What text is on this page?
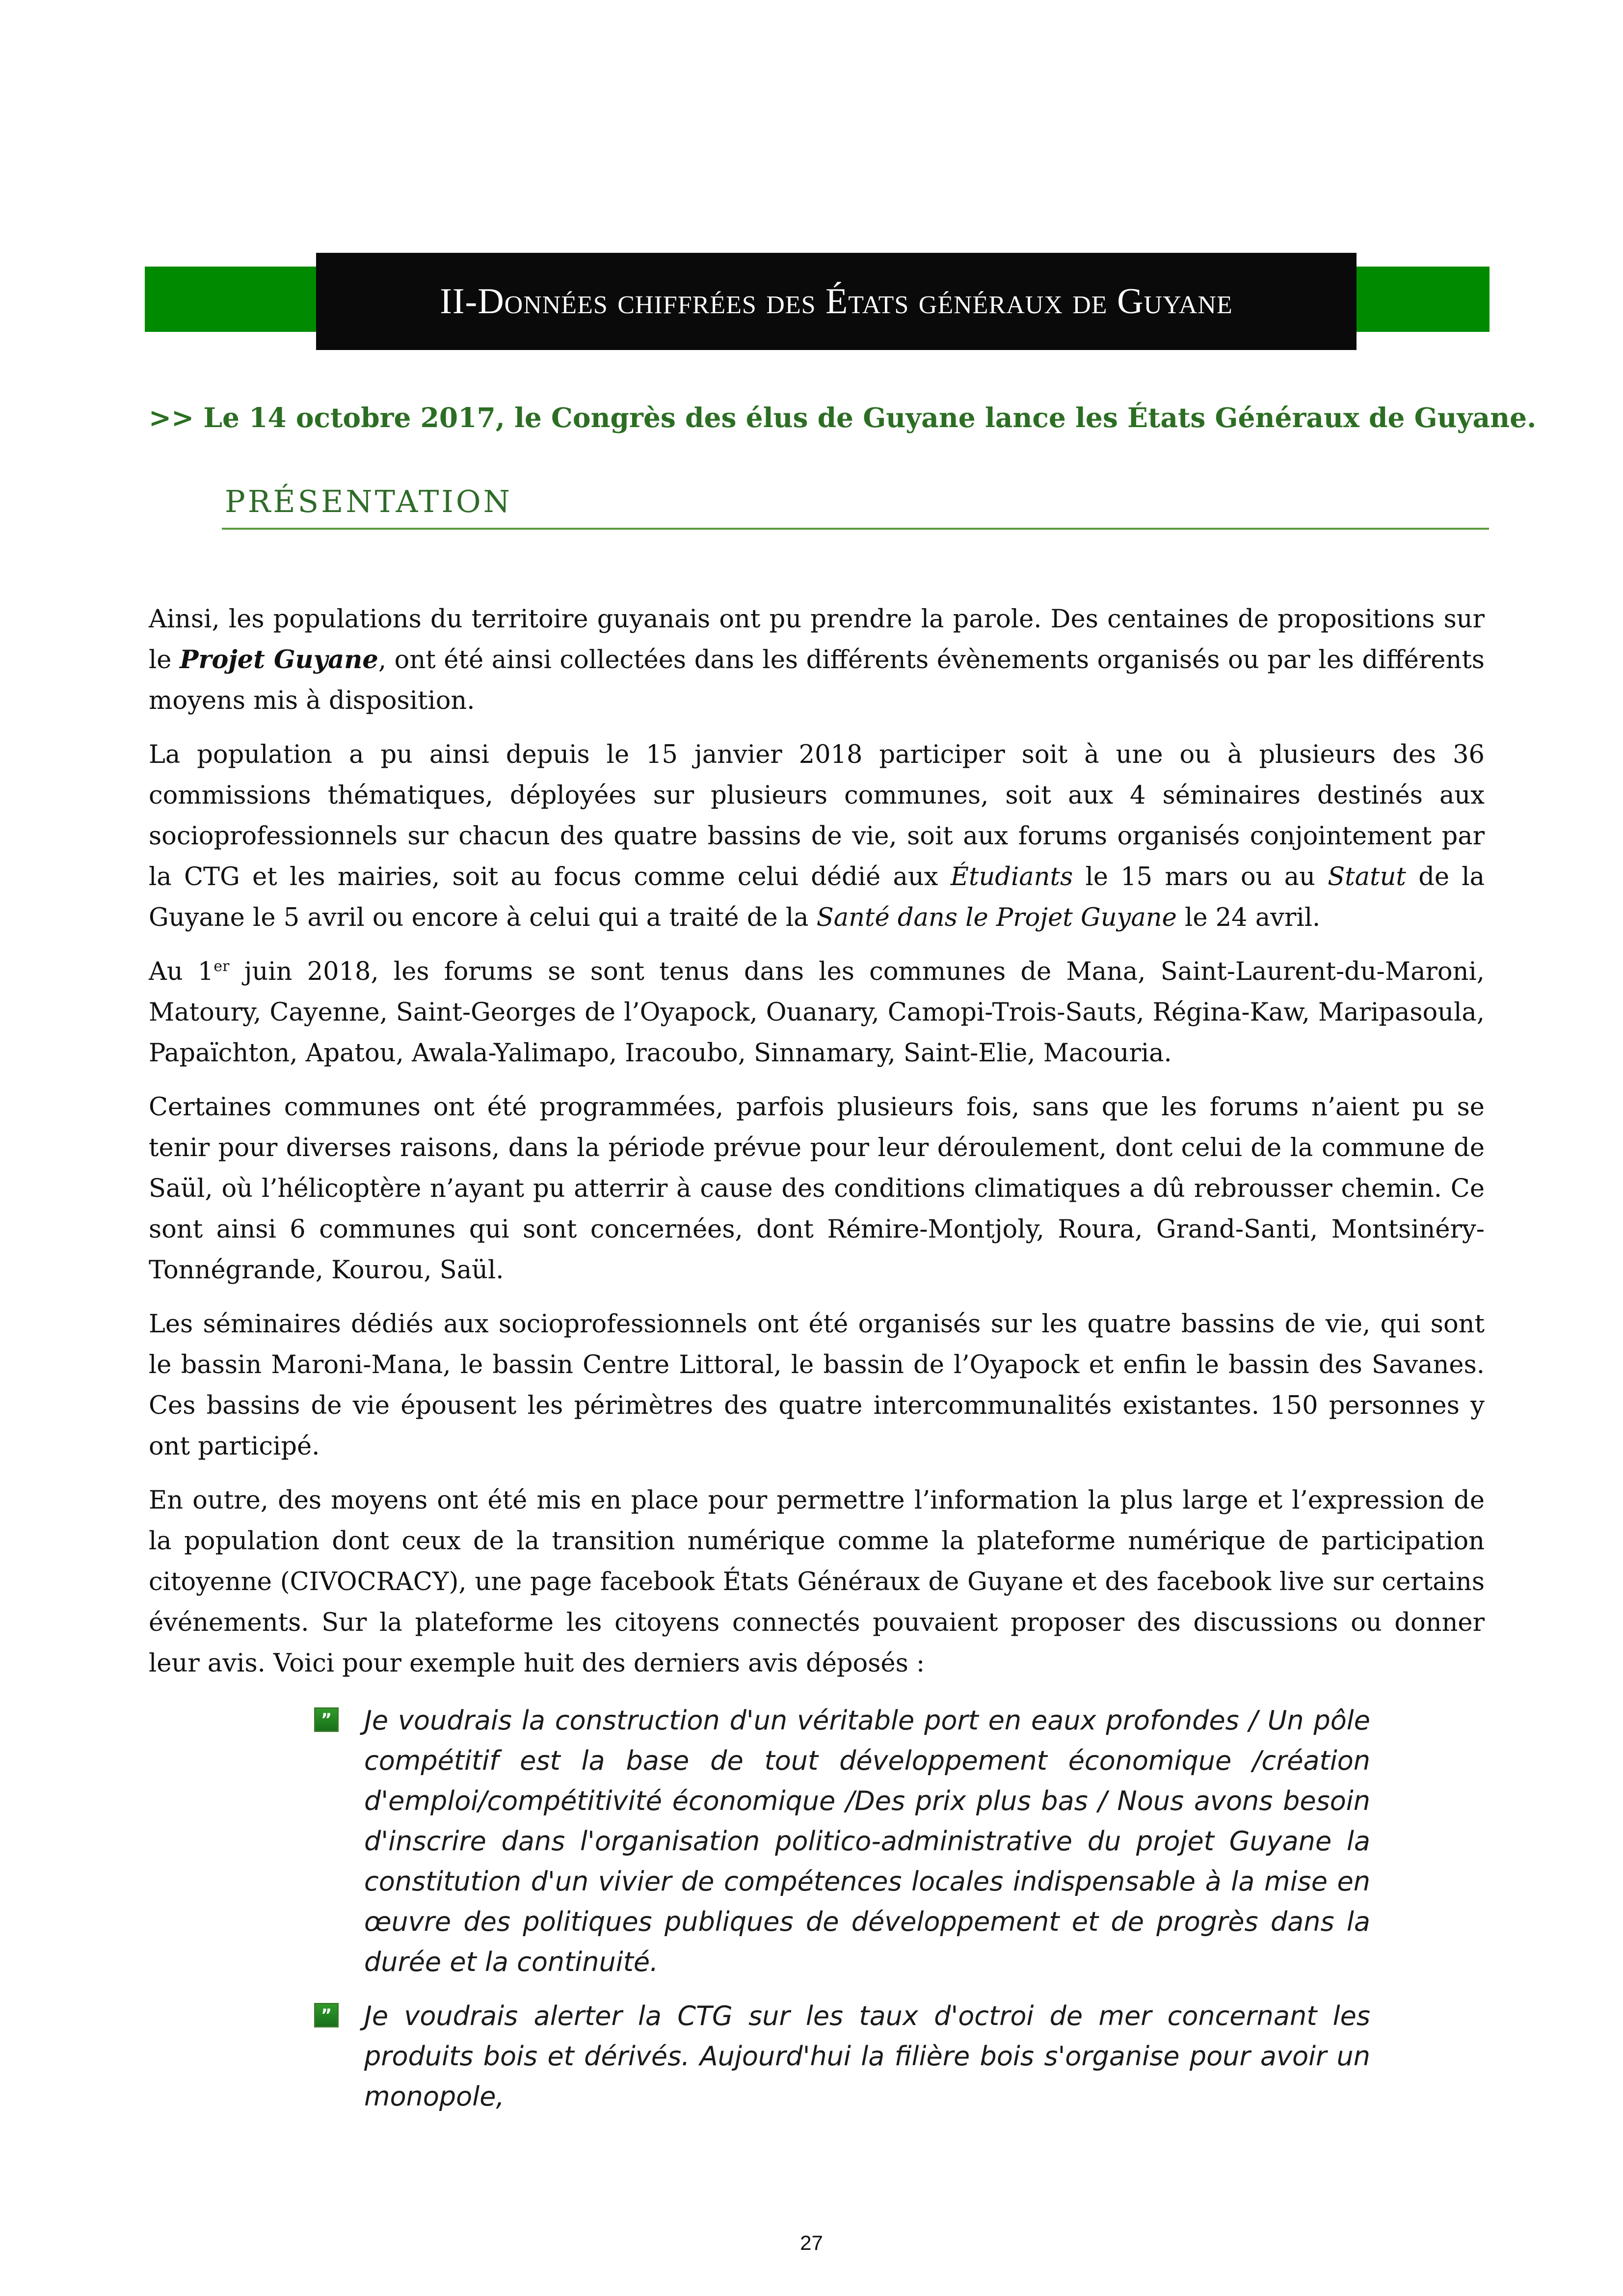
II-Données chiffrées des États généraux de Guyane
>> Le 14 octobre 2017, le Congrès des élus de Guyane lance les États Généraux de Guyane.
PRÉSENTATION

Ainsi, les populations du territoire guyanais ont pu prendre la parole. Des centaines de propositions sur le Projet Guyane, ont été ainsi collectées dans les différents évènements organisés ou par les différents moyens mis à disposition.

La population a pu ainsi depuis le 15 janvier 2018 participer soit à une ou à plusieurs des 36 commissions thématiques, déployées sur plusieurs communes, soit aux 4 séminaires destinés aux socioprofessionnels sur chacun des quatre bassins de vie, soit aux forums organisés conjointement par la CTG et les mairies, soit au focus comme celui dédié aux Étudiants le 15 mars ou au Statut de la Guyane le 5 avril ou encore à celui qui a traité de la Santé dans le Projet Guyane le 24 avril.

Au 1er juin 2018, les forums se sont tenus dans les communes de Mana, Saint-Laurent-du-Maroni, Matoury, Cayenne, Saint-Georges de l’Oyapock, Ouanary, Camopi-Trois-Sauts, Régina-Kaw, Maripasoula, Papaïchton, Apatou, Awala-Yalimapo, Iracoubo, Sinnamary, Saint-Elie, Macouria.

Certaines communes ont été programmées, parfois plusieurs fois, sans que les forums n’aient pu se tenir pour diverses raisons, dans la période prévue pour leur déroulement, dont celui de la commune de Saül, où l’hélicoptère n’ayant pu atterrir à cause des conditions climatiques a dû rebrousser chemin. Ce sont ainsi 6 communes qui sont concernées, dont Rémire-Montjoly, Roura, Grand-Santi, Montsinéry-Tonnégrande, Kourou, Saül.

Les séminaires dédiés aux socioprofessionnels ont été organisés sur les quatre bassins de vie, qui sont le bassin Maroni-Mana, le bassin Centre Littoral, le bassin de l’Oyapock et enfin le bassin des Savanes. Ces bassins de vie épousent les périmètres des quatre intercommunalités existantes. 150 personnes y ont participé.

En outre, des moyens ont été mis en place pour permettre l’information la plus large et l’expression de la population dont ceux de la transition numérique comme la plateforme numérique de participation citoyenne (CIVOCRACY), une page facebook États Généraux de Guyane et des facebook live sur certains événements. Sur la plateforme les citoyens connectés pouvaient proposer des discussions ou donner leur avis. Voici pour exemple huit des derniers avis déposés :

” Je voudrais la construction d'un véritable port en eaux profondes / Un pôle compétitif est la base de tout développement économique /création d'emploi/compétitivité économique /Des prix plus bas / Nous avons besoin d'inscrire dans l'organisation politico-administrative du projet Guyane la constitution d'un vivier de compétences locales indispensable à la mise en œuvre des politiques publiques de développement et de progrès dans la durée et la continuité.
” Je voudrais alerter la CTG sur les taux d'octroi de mer concernant les produits bois et dérivés. Aujourd'hui la filière bois s'organise pour avoir un monopole,
27
